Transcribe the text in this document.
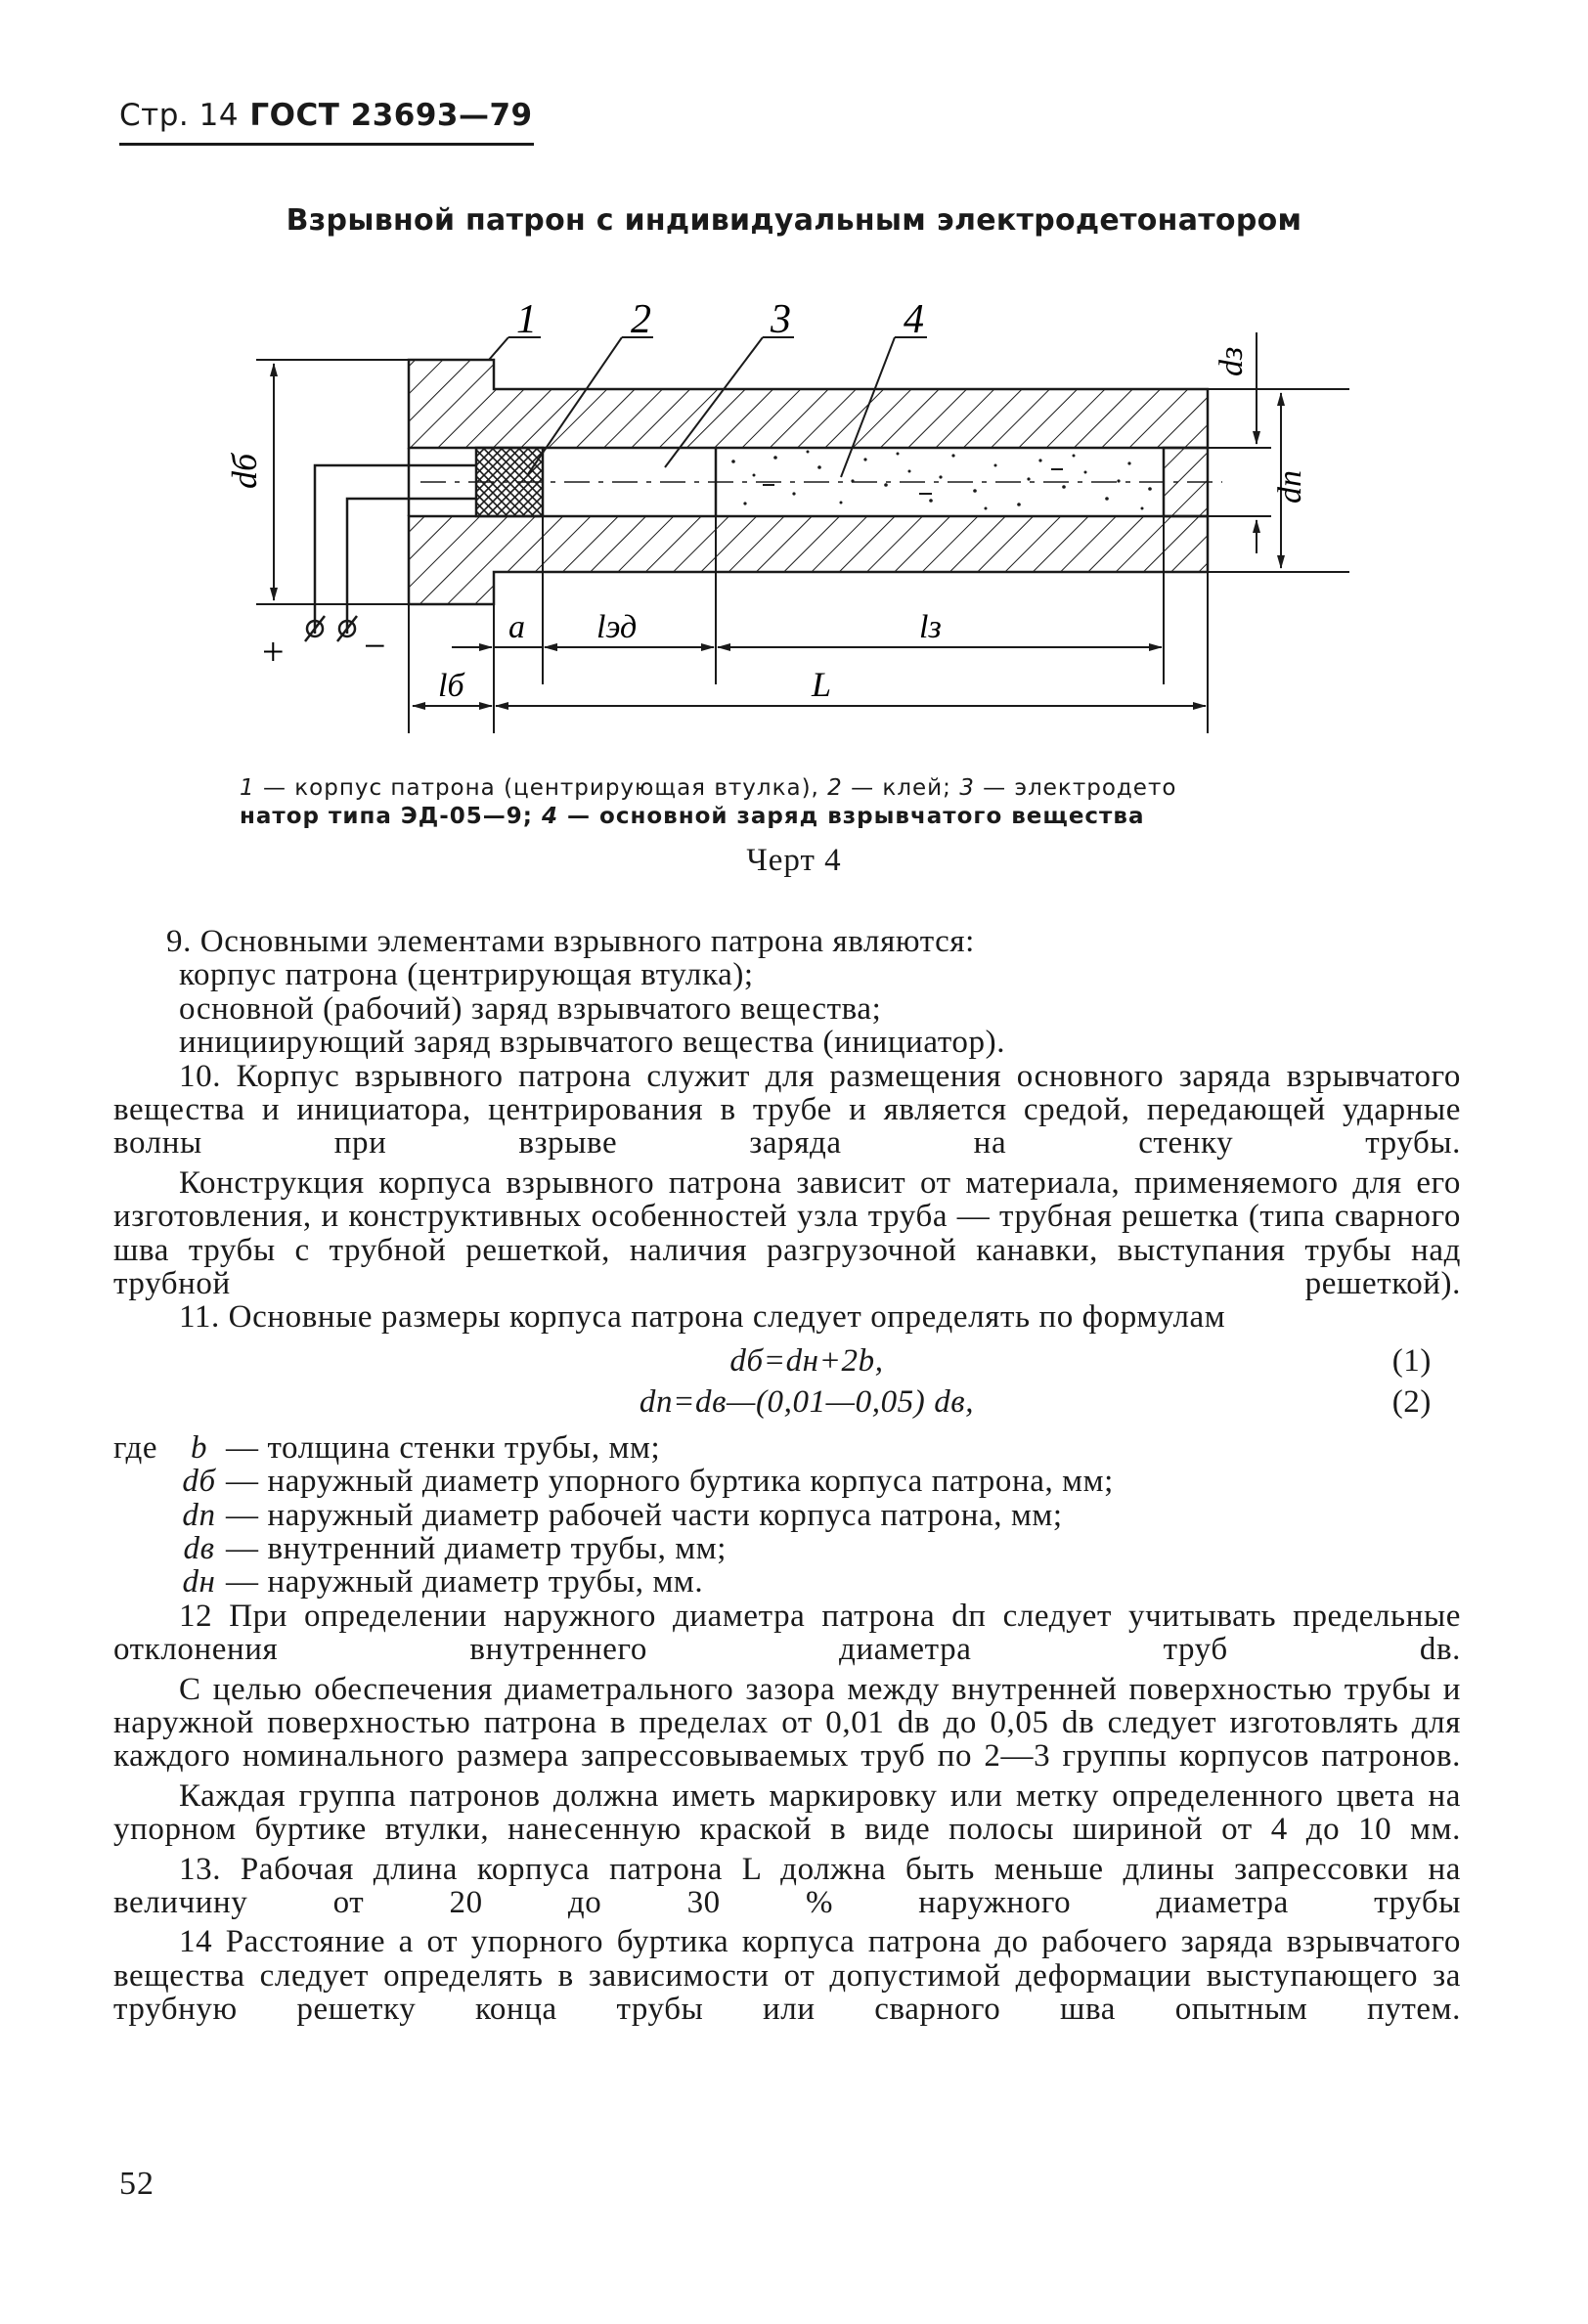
Стр. 14 ГОСТ 23693—79
Взрывной патрон с индивидуальным электродетонатором
+ −
1 2	3	4
dб
dз
dп
a lэд	lз
lб	L
1 — корпус патрона (центрирующая втулка), 2 — клей; 3 — электродето
натор типа ЭД-05—9; 4 — основной заряд взрывчатого вещества
Черт 4

9. Основными элементами взрывного патрона являются:

корпус патрона (центрирующая втулка);

основной (рабочий) заряд взрывчатого вещества;

инициирующий заряд взрывчатого вещества (инициатор).

10. Корпус взрывного патрона служит для размещения основного заряда взрывчатого вещества и инициатора, центрирования в трубе и является средой, передающей ударные волны при взрыве заряда на стенку трубы.

Конструкция корпуса взрывного патрона зависит от материала, применяемого для его изготовления, и конструктивных особенностей узла труба — трубная решетка (типа сварного шва трубы с трубной решеткой, наличия разгрузочной канавки, выступания трубы над трубной решеткой).

11. Основные размеры корпуса патрона следует определять по формулам

dб=dн+2b,	(1)
dп=dв—(0,01—0,05) dв,	(2)
где	b — толщина стенки трубы, мм;
dб — наружный диаметр упорного буртика корпуса патрона, мм;
dп — наружный диаметр рабочей части корпуса патрона, мм;
dв — внутренний диаметр трубы, мм;
dн — наружный диаметр трубы, мм.

12 При определении наружного диаметра патрона dп следует учитывать предельные отклонения внутреннего диаметра труб dв.

С целью обеспечения диаметрального зазора между внутренней поверхностью трубы и наружной поверхностью патрона в пределах от 0,01 dв до 0,05 dв следует изготовлять для каждого номинального размера запрессовываемых труб по 2—3 группы корпусов патронов.

Каждая группа патронов должна иметь маркировку или метку определенного цвета на упорном буртике втулки, нанесенную краской в виде полосы шириной от 4 до 10 мм.

13. Рабочая длина корпуса патрона L должна быть меньше длины запрессовки на величину от 20 до 30 % наружного диаметра трубы

14 Расстояние a от упорного буртика корпуса патрона до рабочего заряда взрывчатого вещества следует определять в зависимости от допустимой деформации выступающего за трубную решетку конца трубы или сварного шва опытным путем.

52
